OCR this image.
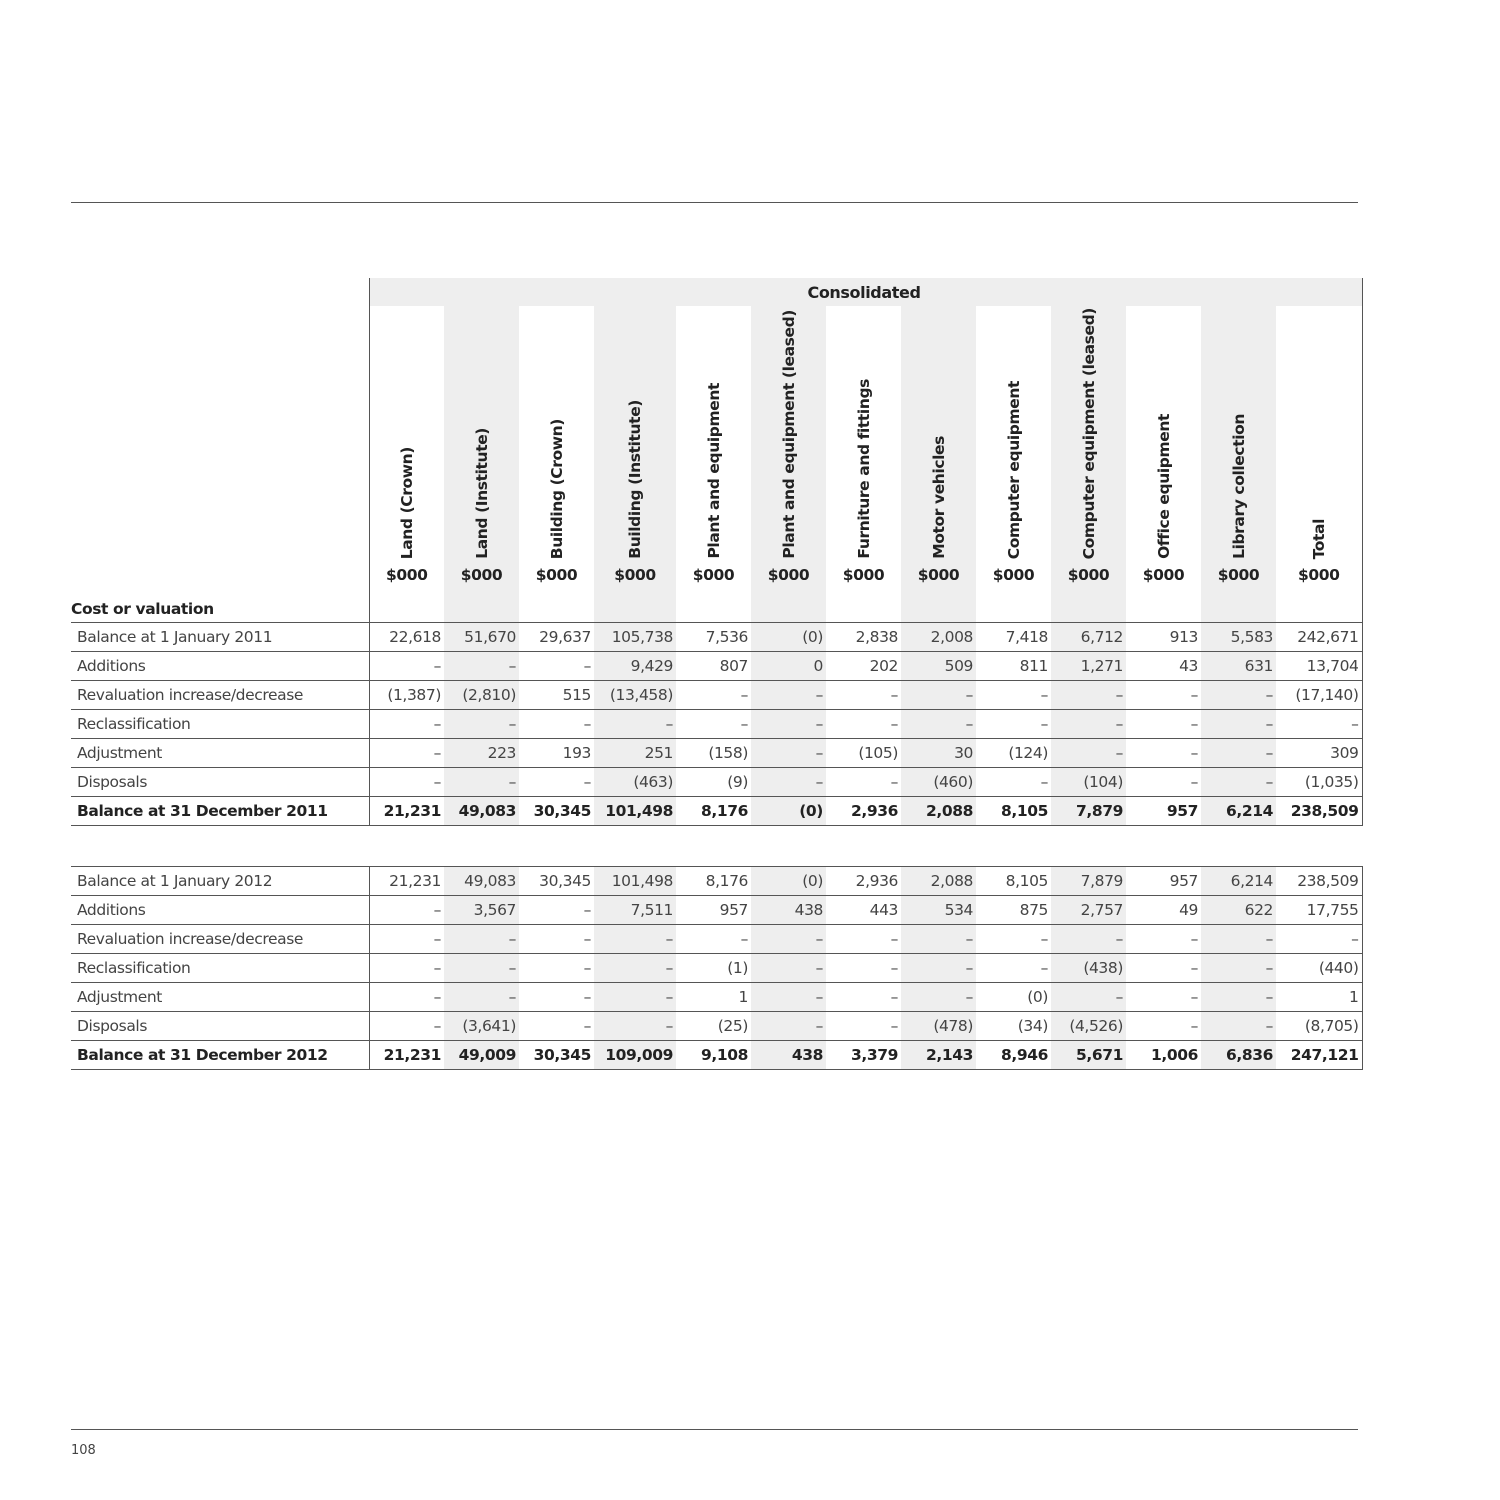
	Consolidated												

	Land (Crown)	Land (Institute)	Building (Crown)	Building (Institute)	Plant and equipment	Plant and equipment (leased)	Furniture and fittings	Motor vehicles	Computer equipment	Computer equipment (leased)	Office equipment	Library collection	Total

	$000	$000	$000	$000	$000	$000	$000	$000	$000	$000	$000	$000	$000
Cost or valuation													
Balance at 1 January 2011	22,618	51,670	29,637	105,738	7,536	(0)	2,838	2,008	7,418	6,712	913	5,583	242,671
Additions	–	–	–	9,429	807	0	202	509	811	1,271	43	631	13,704
Revaluation increase/decrease	(1,387)	(2,810)	515	(13,458)	–	–	–	–	–	–	–	–	(17,140)
Reclassification	–	–	–	–	–	–	–	–	–	–	–	–	–
Adjustment	–	223	193	251	(158)	–	(105)	30	(124)	–	–	–	309
Disposals	–	–	–	(463)	(9)	–	–	(460)	–	(104)	–	–	(1,035)
Balance at 31 December 2011	21,231	49,083	30,345	101,498	8,176	(0)	2,936	2,088	8,105	7,879	957	6,214	238,509

Balance at 1 January 2012	21,231	49,083	30,345	101,498	8,176	(0)	2,936	2,088	8,105	7,879	957	6,214	238,509
Additions	–	3,567	–	7,511	957	438	443	534	875	2,757	49	622	17,755
Revaluation increase/decrease	–	–	–	–	–	–	–	–	–	–	–	–	–
Reclassification	–	–	–	–	(1)	–	–	–	–	(438)	–	–	(440)
Adjustment	–	–	–	–	1	–	–	–	(0)	–	–	–	1
Disposals	–	(3,641)	–	–	(25)	–	–	(478)	(34)	(4,526)	–	–	(8,705)
Balance at 31 December 2012	21,231	49,009	30,345	109,009	9,108	438	3,379	2,143	8,946	5,671	1,006	6,836	247,121
108
